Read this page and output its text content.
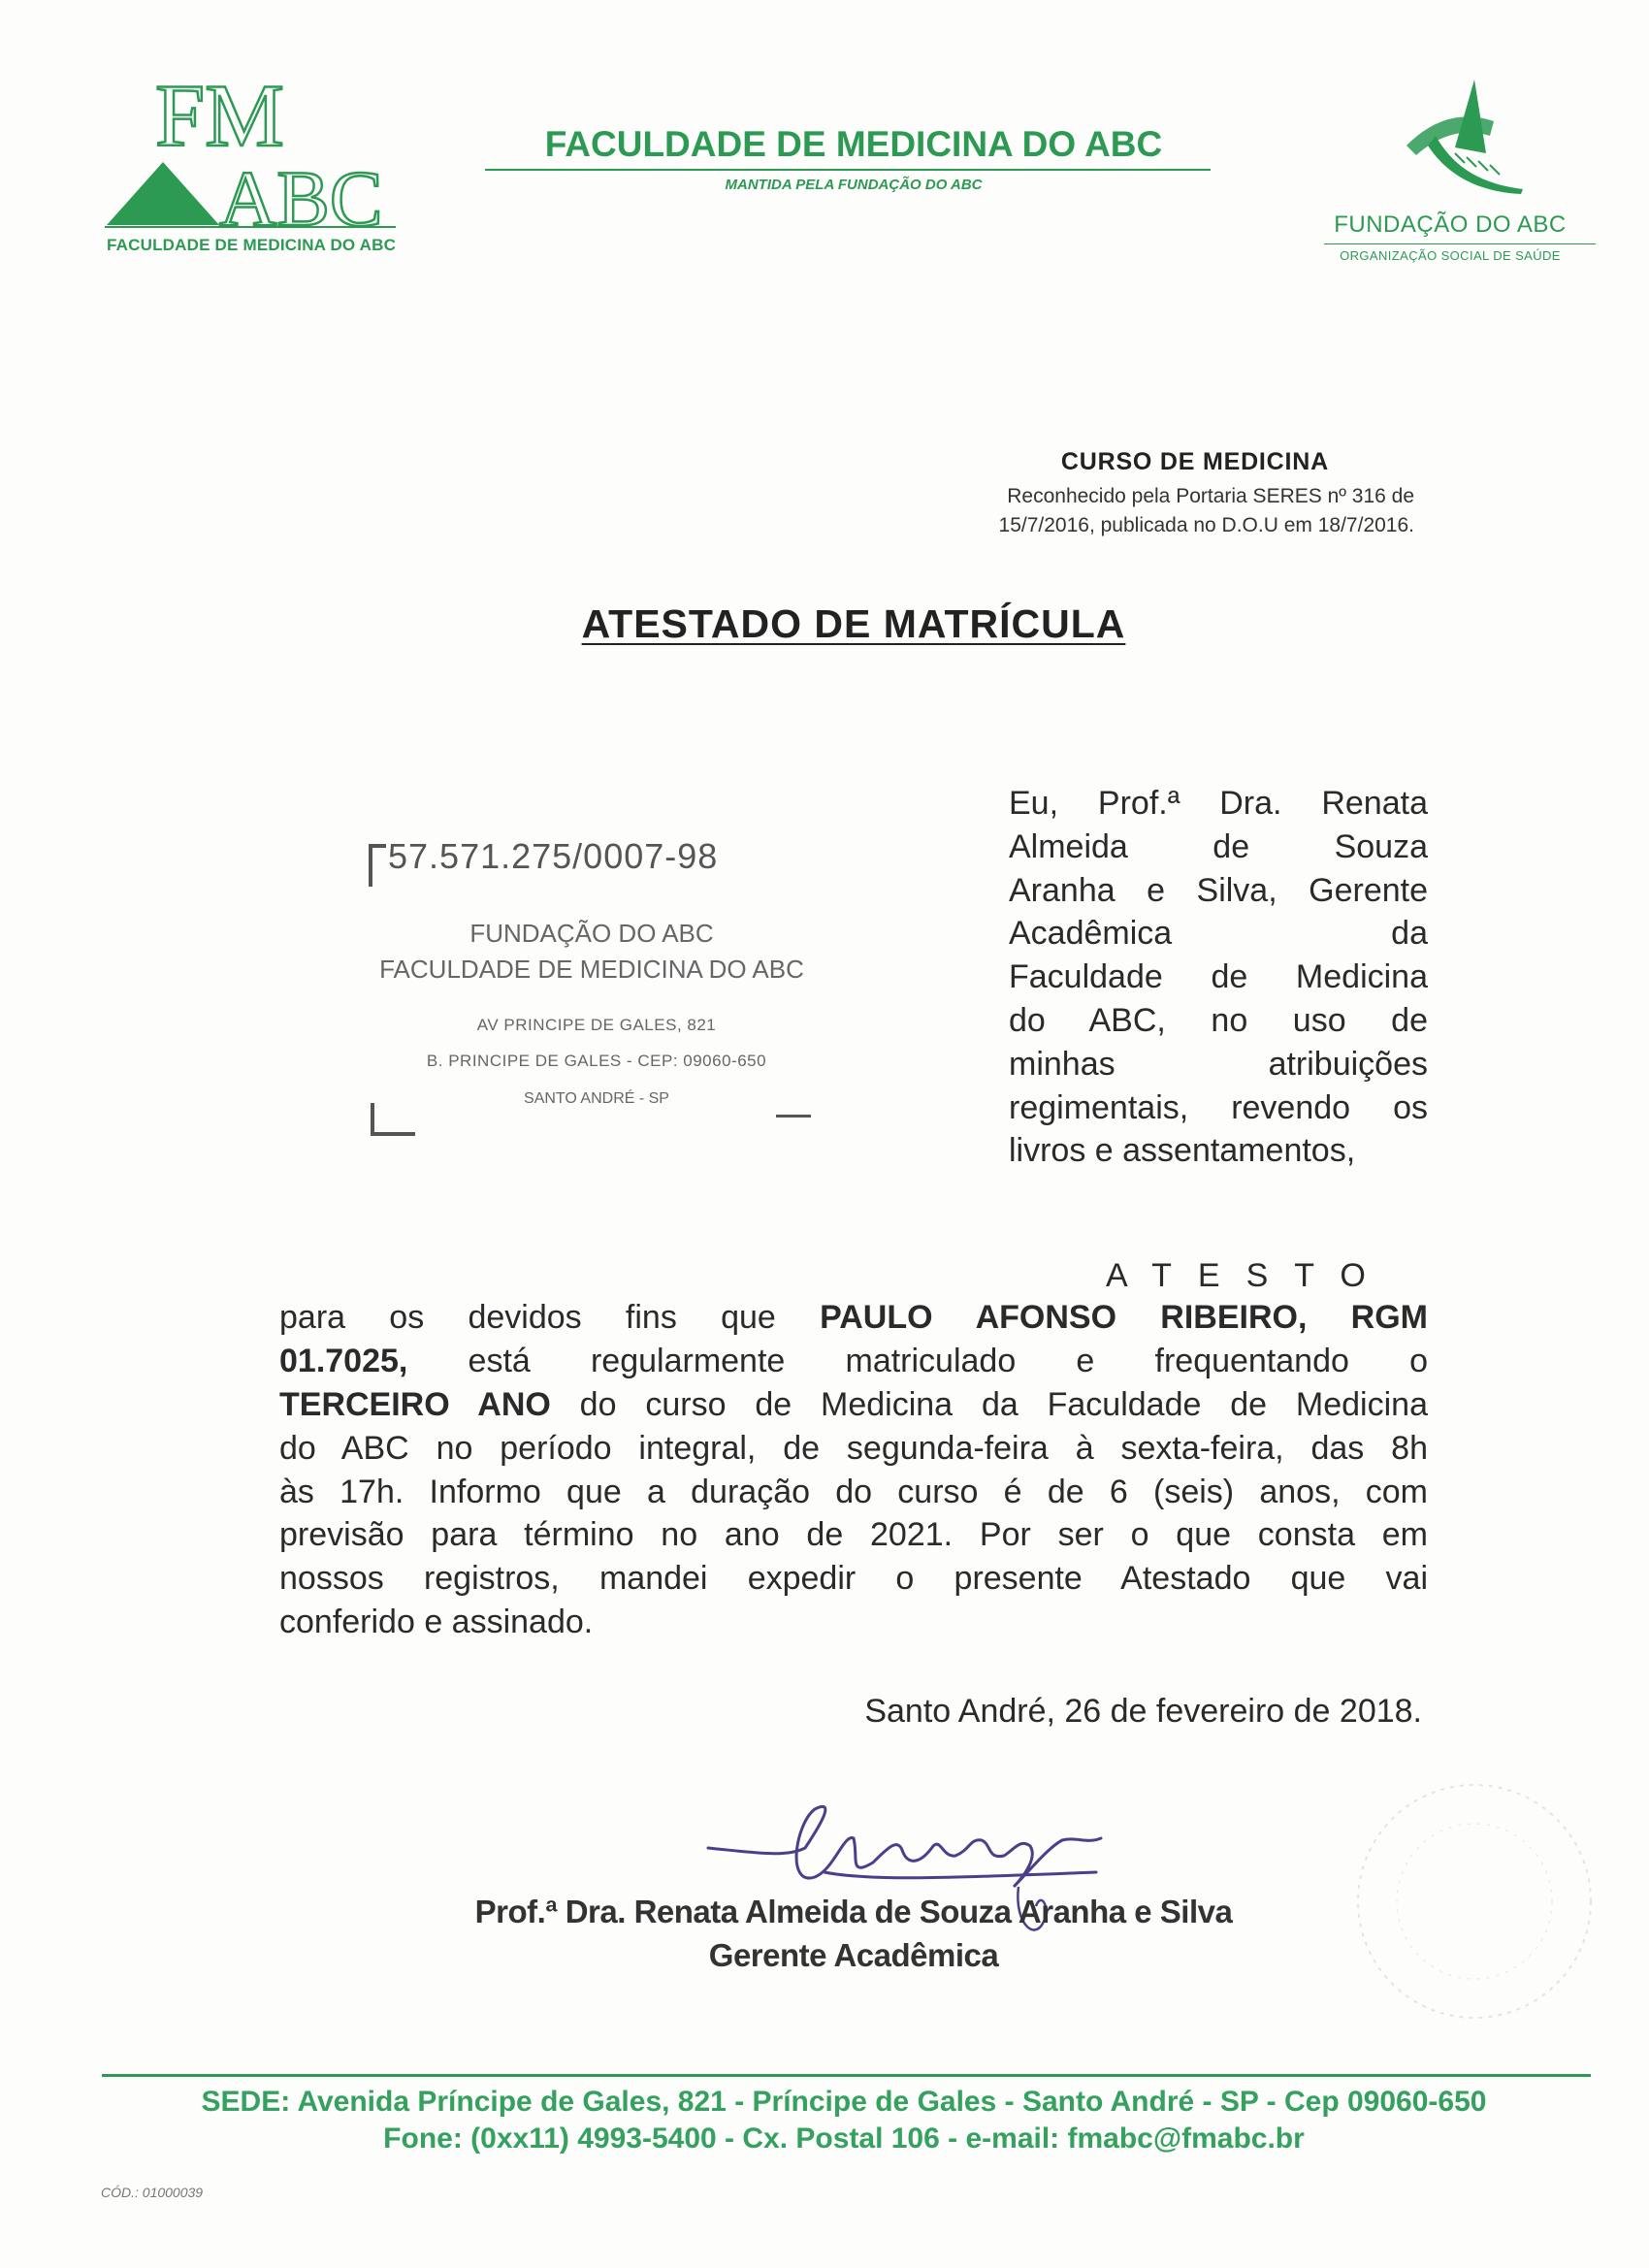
FM
ABC
FACULDADE DE MEDICINA DO ABC
FACULDADE DE MEDICINA DO ABC
MANTIDA PELA FUNDAÇÃO DO ABC
FUNDAÇÃO DO ABC
ORGANIZAÇÃO SOCIAL DE SAÚDE
CURSO DE MEDICINA
Reconhecido pela Portaria SERES nº 316 de
15/7/2016, publicada no D.O.U em 18/7/2016.
ATESTADO DE MATRÍCULA
57.571.275/0007-98
FUNDAÇÃO DO ABC
FACULDADE DE MEDICINA DO ABC
AV PRINCIPE DE GALES, 821
B. PRINCIPE DE GALES - CEP: 09060-650
SANTO ANDRÉ - SP
Eu, Prof.ª Dra. Renata
Almeida de Souza
Aranha e Silva, Gerente
Acadêmica da
Faculdade de Medicina
do ABC, no uso de
minhas atribuições
regimentais, revendo os
livros e assentamentos,
ATESTO
para os devidos fins que PAULO AFONSO RIBEIRO, RGM
01.7025, está regularmente matriculado e frequentando o
TERCEIRO ANO do curso de Medicina da Faculdade de Medicina
do ABC no período integral, de segunda-feira à sexta-feira, das 8h
às 17h. Informo que a duração do curso é de 6 (seis) anos, com
previsão para término no ano de 2021. Por ser o que consta em
nossos registros, mandei expedir o presente Atestado que vai
conferido e assinado.
Santo André, 26 de fevereiro de 2018.
Prof.ª Dra. Renata Almeida de Souza Aranha e Silva
Gerente Acadêmica
SEDE: Avenida Príncipe de Gales, 821 - Príncipe de Gales - Santo André - SP - Cep 09060-650
Fone: (0xx11) 4993-5400 - Cx. Postal 106 - e-mail: fmabc@fmabc.br
CÓD.: 01000039
